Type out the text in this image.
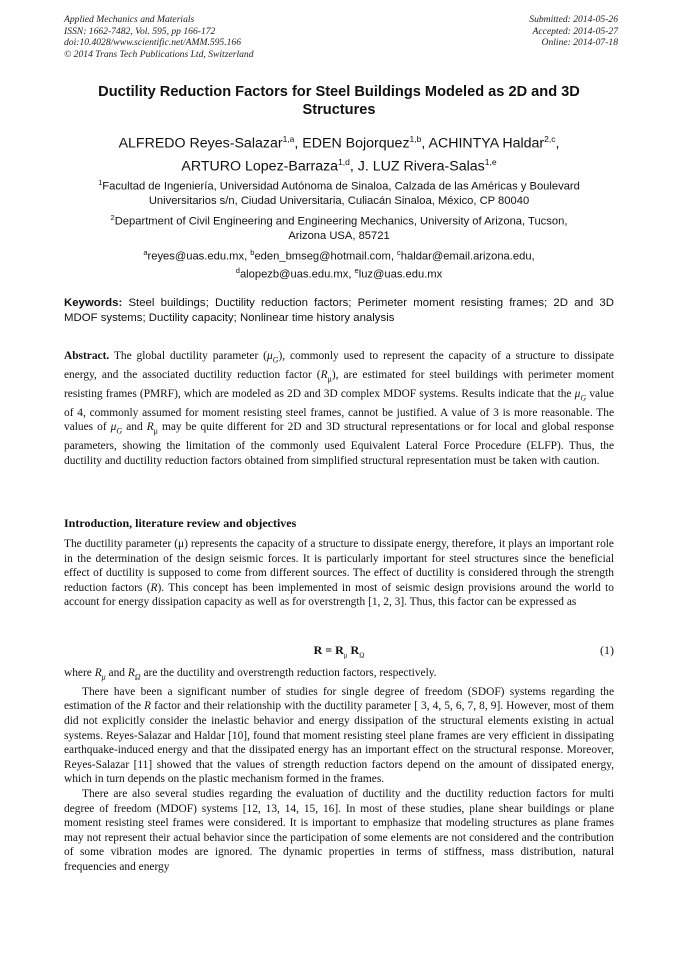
Applied Mechanics and Materials
ISSN: 1662-7482, Vol. 595, pp 166-172
doi:10.4028/www.scientific.net/AMM.595.166
© 2014 Trans Tech Publications Ltd, Switzerland
Submitted: 2014-05-26
Accepted: 2014-05-27
Online: 2014-07-18
Ductility Reduction Factors for Steel Buildings Modeled as 2D and 3D
Structures
ALFREDO Reyes-Salazar$^{1,a}$, EDEN Bojorquez$^{1,b}$, ACHINTYA Haldar$^{2,c}$,
ARTURO Lopez-Barraza$^{1,d}$, J. LUZ Rivera-Salas$^{1,e}$
$^1$Facultad de Ingeniería, Universidad Autónoma de Sinaloa, Calzada de las Américas y Boulevard
Universitarios s/n, Ciudad Universitaria, Culiacán Sinaloa, México, CP 80040
$^2$Department of Civil Engineering and Engineering Mechanics, University of Arizona, Tucson,
Arizona USA, 85721
$^a$reyes@uas.edu.mx, $^b$eden_bmseg@hotmail.com, $^c$haldar@email.arizona.edu,
$^d$alopezb@uas.edu.mx, $^e$luz@uas.edu.mx
Keywords: Steel buildings; Ductility reduction factors; Perimeter moment resisting frames; 2D and 3D MDOF systems; Ductility capacity; Nonlinear time history analysis

Abstract. The global ductility parameter $(\mu_G)$, commonly used to represent the capacity of a structure to dissipate energy, and the associated ductility reduction factor $(R_\mu)$, are estimated for steel buildings with perimeter moment resisting frames (PMRF), which are modeled as 2D and 3D complex MDOF systems. Results indicate that the $\mu_G$ value of 4, commonly assumed for moment resisting steel frames, cannot be justified. A value of 3 is more reasonable. The values of $\mu_G$ and $R_\mu$ may be quite different for 2D and 3D structural representations or for local and global response parameters, showing the limitation of the commonly used Equivalent Lateral Force Procedure (ELFP). Thus, the ductility and ductility reduction factors obtained from simplified structural representation must be taken with caution.

Introduction, literature review and objectives

The ductility parameter (μ) represents the capacity of a structure to dissipate energy, therefore, it plays an important role in the determination of the design seismic forces. It is particularly important for steel structures since the beneficial effect of ductility is supposed to come from different sources. The effect of ductility is considered through the strength reduction factors (R). This concept has been implemented in most of seismic design provisions around the world to account for energy dissipation capacity as well as for overstrength [1, 2, 3]. Thus, this factor can be expressed as

$R = R_\mu$ $R_\Omega$	(1)

where $R_\mu$ and $R_\Omega$ are the ductility and overstrength reduction factors, respectively.

There have been a significant number of studies for single degree of freedom (SDOF) systems regarding the estimation of the R factor and their relationship with the ductility parameter [ 3, 4, 5, 6, 7, 8, 9]. However, most of them did not explicitly consider the inelastic behavior and energy dissipation of the structural elements existing in actual systems. Reyes-Salazar and Haldar [10], found that moment resisting steel plane frames are very efficient in dissipating earthquake-induced energy and that the dissipated energy has an important effect on the structural response. Moreover, Reyes-Salazar [11] showed that the values of strength reduction factors depend on the amount of dissipated energy, which in turn depends on the plastic mechanism formed in the frames.

There are also several studies regarding the evaluation of ductility and the ductility reduction factors for multi degree of freedom (MDOF) systems [12, 13, 14, 15, 16]. In most of these studies, plane shear buildings or plane moment resisting steel frames were considered. It is important to emphasize that modeling structures as plane frames may not represent their actual behavior since the participation of some elements are not considered and the contribution of some vibration modes are ignored. The dynamic properties in terms of stiffness, mass distribution, natural frequencies and energy
